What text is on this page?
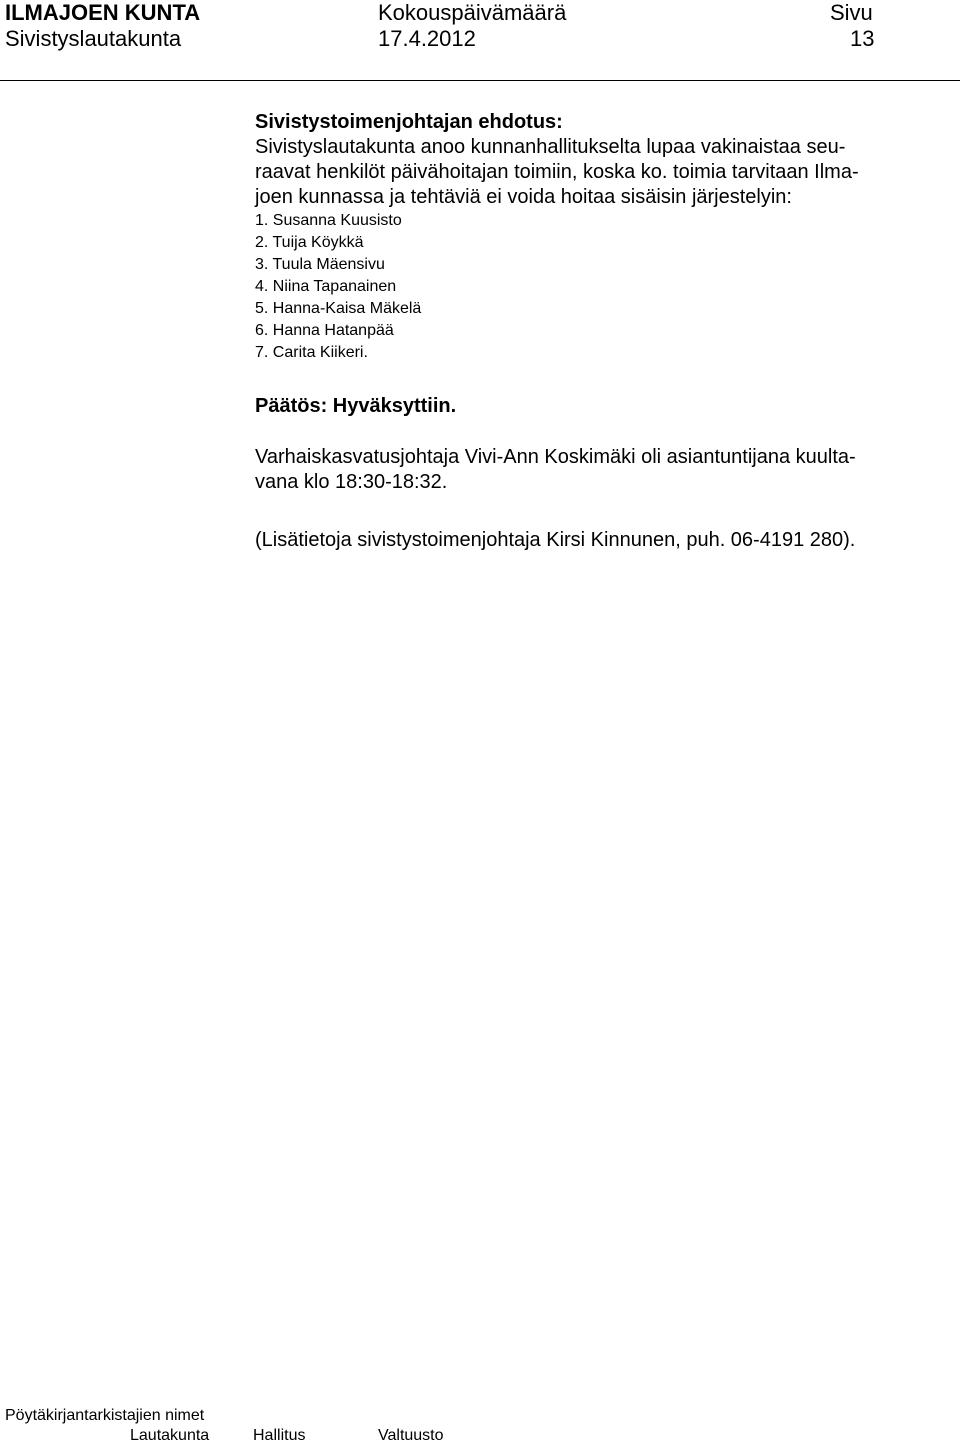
ILMAJOEN KUNTA	Kokouspäivämäärä	Sivu
Sivistyslautakunta	17.4.2012	13

Sivistystoimenjohtajan ehdotus:

Sivistyslautakunta anoo kunnanhallitukselta lupaa vakinaistaa seu-

raavat henkilöt päivähoitajan toimiin, koska ko. toimia tarvitaan Ilma-

joen kunnassa ja tehtäviä ei voida hoitaa sisäisin järjestelyin:

1. Susanna Kuusisto
2. Tuija Köykkä
3. Tuula Mäensivu
4. Niina Tapanainen
5. Hanna-Kaisa Mäkelä
6. Hanna Hatanpää
7. Carita Kiikeri.

Päätös: Hyväksyttiin.

Varhaiskasvatusjohtaja Vivi-Ann Koskimäki oli asiantuntijana kuulta-

vana klo 18:30-18:32.

(Lisätietoja sivistystoimenjohtaja Kirsi Kinnunen, puh. 06-4191 280).

Pöytäkirjantarkistajien nimet
Lautakunta	Hallitus	Valtuusto
